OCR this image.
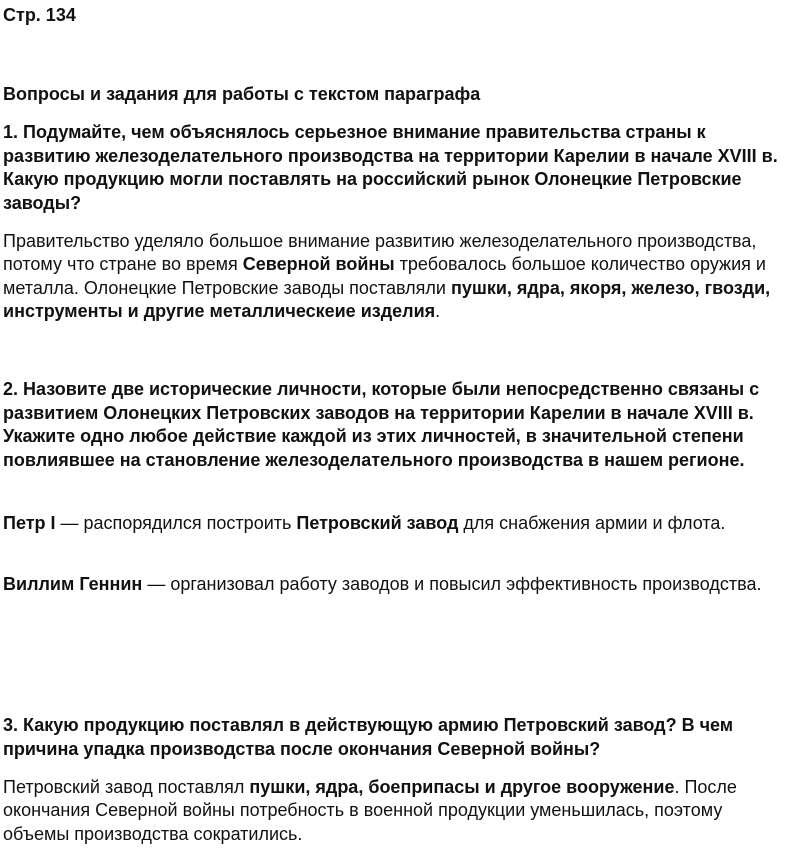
Стр. 134
Вопросы и задания для работы с текстом параграфа
1. Подумайте, чем объяснялось серьезное внимание правительства страны к развитию железоделательного производства на территории Карелии в начале XVIII в. Какую продукцию могли поставлять на российский рынок Олонецкие Петровские заводы?
Правительство уделяло большое внимание развитию железоделательного производства, потому что стране во время Северной войны требовалось большое количество оружия и металла. Олонецкие Петровские заводы поставляли пушки, ядра, якоря, железо, гвозди, инструменты и другие металлическеие изделия.
2. Назовите две исторические личности, которые были непосредственно связаны с развитием Олонецких Петровских заводов на территории Карелии в начале XVIII в. Укажите одно любое действие каждой из этих личностей, в значительной степени повлиявшее на становление железоделательного производства в нашем регионе.
Петр I — распорядился построить Петровский завод для снабжения армии и флота.
Виллим Геннин — организовал работу заводов и повысил эффективность производства.
3. Какую продукцию поставлял в действующую армию Петровский завод? В чем причина упадка производства после окончания Северной войны?
Петровский завод поставлял пушки, ядра, боеприпасы и другое вооружение. После окончания Северной войны потребность в военной продукции уменьшилась, поэтому объемы производства сократились.
